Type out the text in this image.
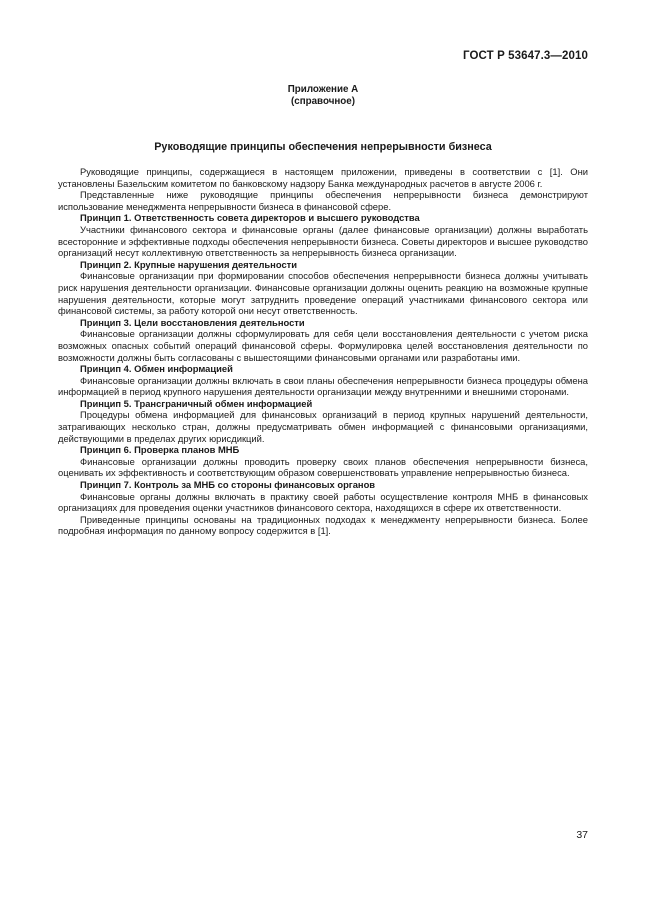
ГОСТ Р 53647.3—2010
Приложение А
(справочное)
Руководящие принципы обеспечения непрерывности бизнеса

Руководящие принципы, содержащиеся в настоящем приложении, приведены в соответствии с [1]. Они установлены Базельским комитетом по банковскому надзору Банка международных расчетов в августе 2006 г.

Представленные ниже руководящие принципы обеспечения непрерывности бизнеса демонстрируют использование менеджмента непрерывности бизнеса в финансовой сфере.

Принцип 1. Ответственность совета директоров и высшего руководства

Участники финансового сектора и финансовые органы (далее финансовые организации) должны выработать всесторонние и эффективные подходы обеспечения непрерывности бизнеса. Советы директоров и высшее руководство организаций несут коллективную ответственность за непрерывность бизнеса организации.

Принцип 2. Крупные нарушения деятельности

Финансовые организации при формировании способов обеспечения непрерывности бизнеса должны учитывать риск нарушения деятельности организации. Финансовые организации должны оценить реакцию на возможные крупные нарушения деятельности, которые могут затруднить проведение операций участниками финансового сектора или финансовой системы, за работу которой они несут ответственность.

Принцип 3. Цели восстановления деятельности

Финансовые организации должны сформулировать для себя цели восстановления деятельности с учетом риска возможных опасных событий операций финансовой сферы. Формулировка целей восстановления деятельности по возможности должны быть согласованы с вышестоящими финансовыми органами или разработаны ими.

Принцип 4. Обмен информацией

Финансовые организации должны включать в свои планы обеспечения непрерывности бизнеса процедуры обмена информацией в период крупного нарушения деятельности организации между внутренними и внешними сторонами.

Принцип 5. Трансграничный обмен информацией

Процедуры обмена информацией для финансовых организаций в период крупных нарушений деятельности, затрагивающих несколько стран, должны предусматривать обмен информацией с финансовыми организациями, действующими в пределах других юрисдикций.

Принцип 6. Проверка планов МНБ

Финансовые организации должны проводить проверку своих планов обеспечения непрерывности бизнеса, оценивать их эффективность и соответствующим образом совершенствовать управление непрерывностью бизнеса.

Принцип 7. Контроль за МНБ со стороны финансовых органов

Финансовые органы должны включать в практику своей работы осуществление контроля МНБ в финансовых организациях для проведения оценки участников финансового сектора, находящихся в сфере их ответственности.

Приведенные принципы основаны на традиционных подходах к менеджменту непрерывности бизнеса. Более подробная информация по данному вопросу содержится в [1].

37
